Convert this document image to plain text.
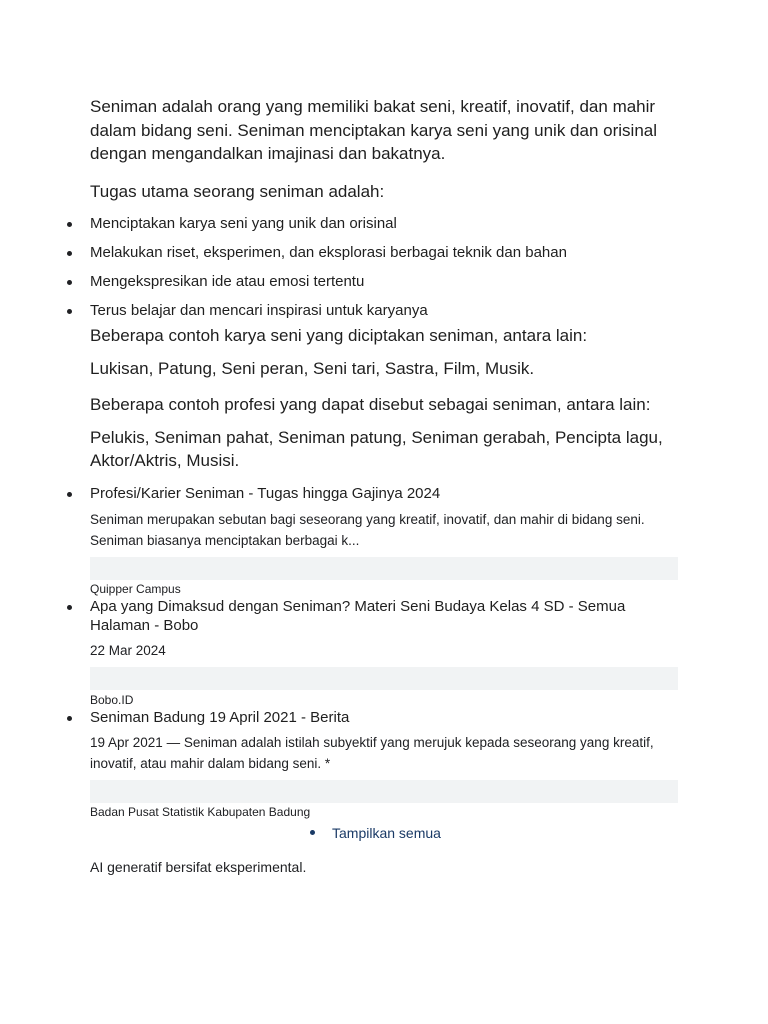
Seniman adalah orang yang memiliki bakat seni, kreatif, inovatif, dan mahir

dalam bidang seni. Seniman menciptakan karya seni yang unik dan orisinal

dengan mengandalkan imajinasi dan bakatnya.

Tugas utama seorang seniman adalah:

Menciptakan karya seni yang unik dan orisinal

Melakukan riset, eksperimen, dan eksplorasi berbagai teknik dan bahan

Mengekspresikan ide atau emosi tertentu

Terus belajar dan mencari inspirasi untuk karyanya

Beberapa contoh karya seni yang diciptakan seniman, antara lain:

Lukisan, Patung, Seni peran, Seni tari, Sastra, Film, Musik.

Beberapa contoh profesi yang dapat disebut sebagai seniman, antara lain:

Pelukis, Seniman pahat, Seniman patung, Seniman gerabah, Pencipta lagu,

Aktor/Aktris, Musisi.

Profesi/Karier Seniman - Tugas hingga Gajinya 2024

Seniman merupakan sebutan bagi seseorang yang kreatif, inovatif, dan mahir di bidang seni.

Seniman biasanya menciptakan berbagai k...

Quipper Campus

Apa yang Dimaksud dengan Seniman? Materi Seni Budaya Kelas 4 SD - Semua

Halaman - Bobo

22 Mar 2024

Bobo.ID

Seniman Badung 19 April 2021 - Berita

19 Apr 2021 — Seniman adalah istilah subyektif yang merujuk kepada seseorang yang kreatif,

inovatif, atau mahir dalam bidang seni. *

Badan Pusat Statistik Kabupaten Badung

Tampilkan semua

AI generatif bersifat eksperimental.
